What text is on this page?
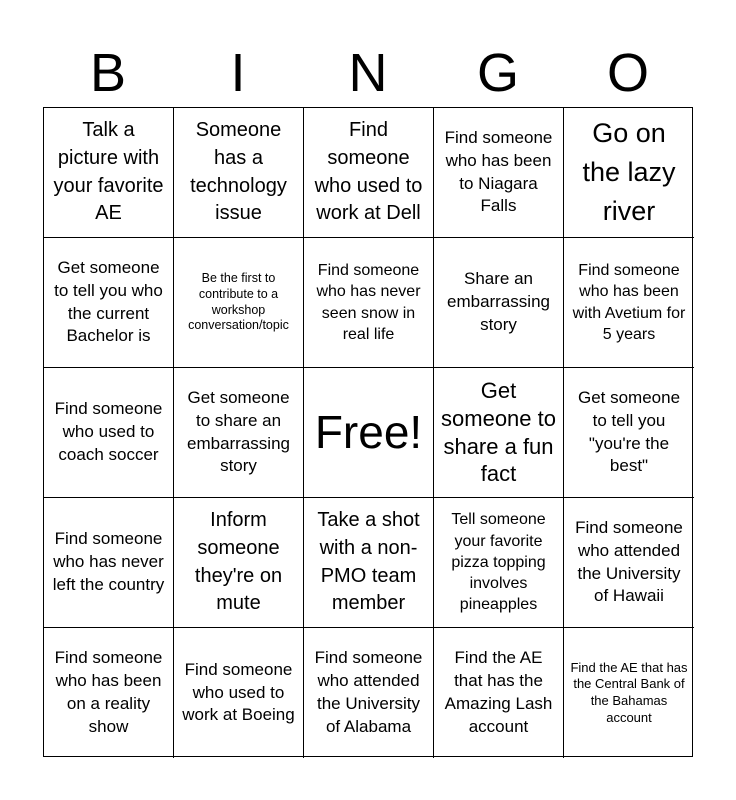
B	I	N	G	O
Talk a picture with your favorite AE
Someone has a technology issue
Find someone who used to work at Dell
Find someone who has been to Niagara Falls
Go on the lazy river
Get someone to tell you who the current Bachelor is
Be the first to contribute to a workshop conversation/topic
Find someone who has never seen snow in real life
Share an embarrassing story
Find someone who has been with Avetium for 5 years
Find someone who used to coach soccer
Get someone to share an embarrassing story
Free!
Get someone to share a fun fact
Get someone to tell you "you're the best"
Find someone who has never left the country
Inform someone they're on mute
Take a shot with a non-PMO team member
Tell someone your favorite pizza topping involves pineapples
Find someone who attended the University of Hawaii
Find someone who has been on a reality show
Find someone who used to work at Boeing
Find someone who attended the University of Alabama
Find the AE that has the Amazing Lash account
Find the AE that has the Central Bank of the Bahamas account
